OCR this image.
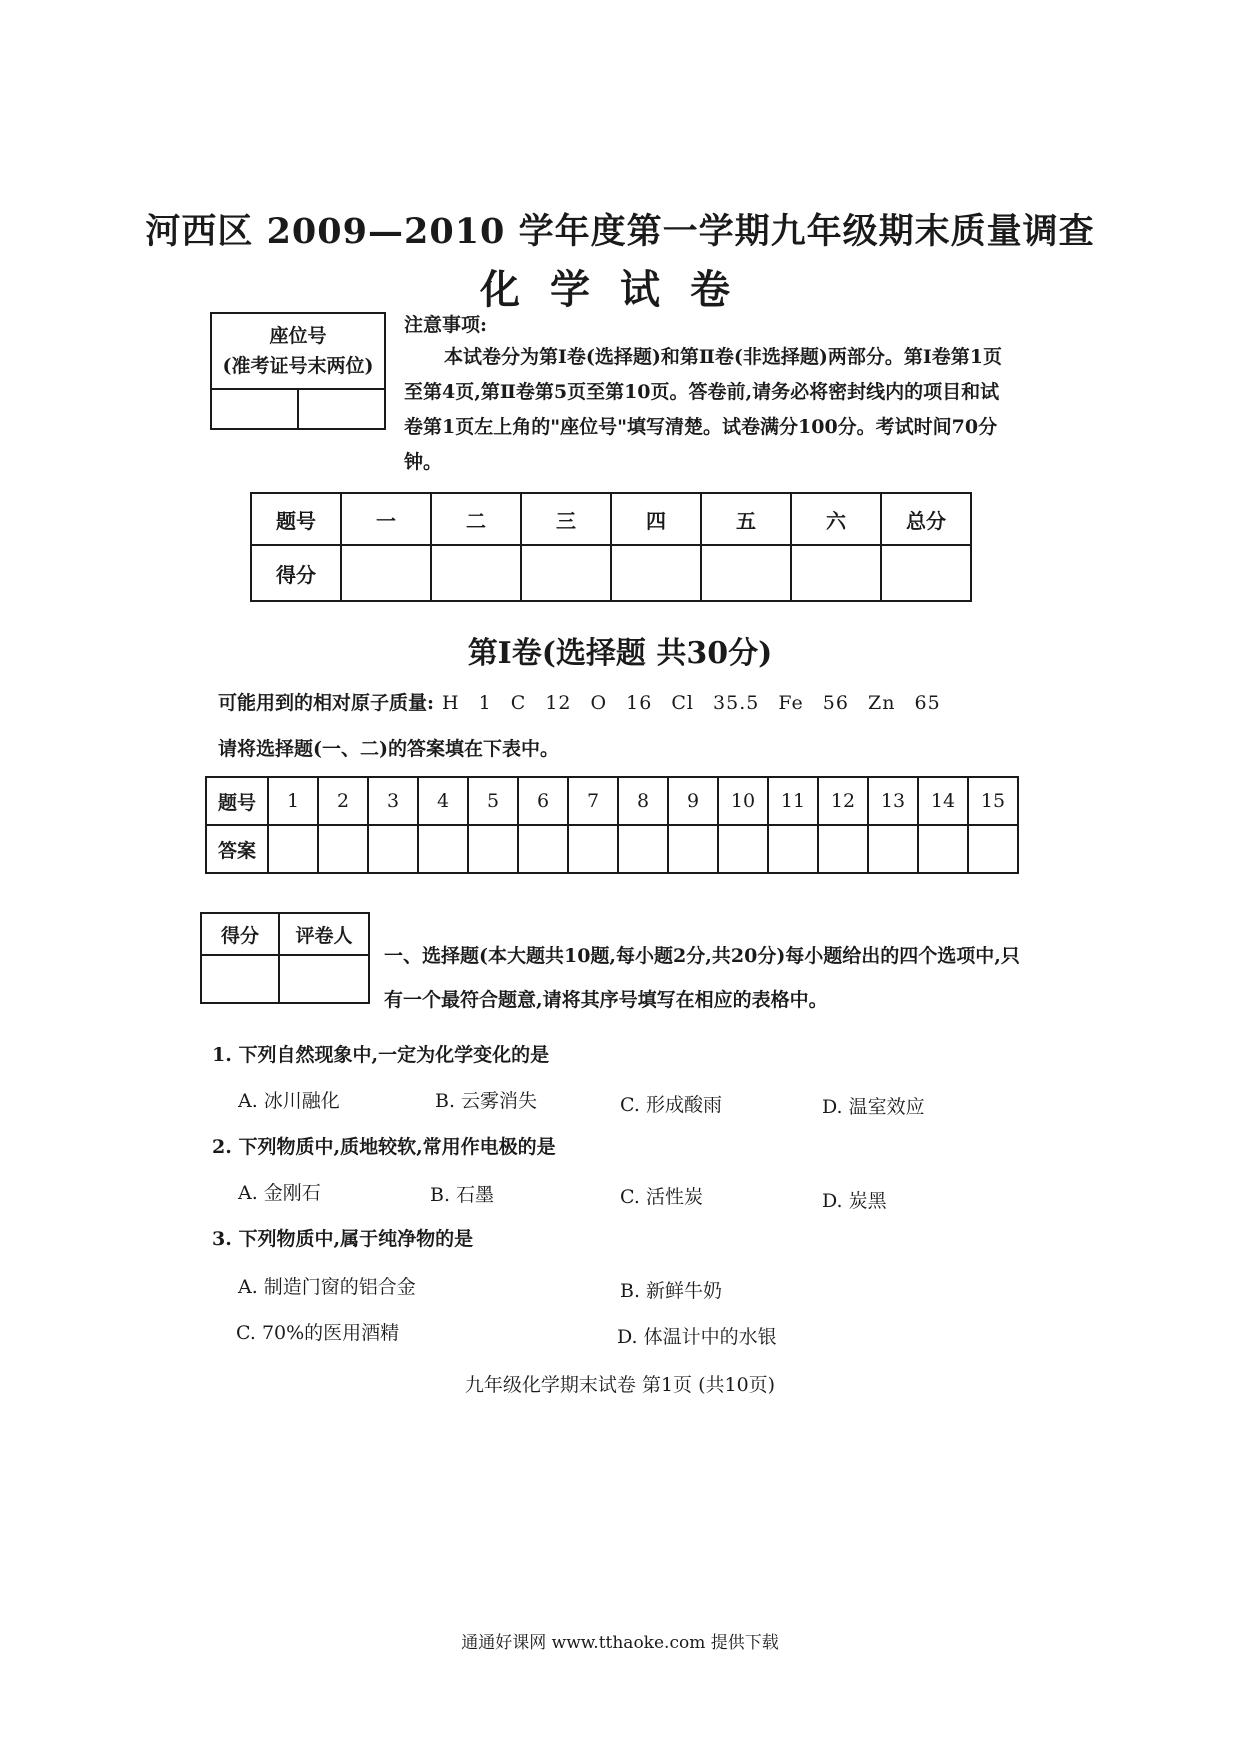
河西区 2009—2010 学年度第一学期九年级期末质量调查
化学试卷
座位号
(准考证号末两位)

注意事项:
本试卷分为第Ⅰ卷(选择题)和第Ⅱ卷(非选择题)两部分。第Ⅰ卷第1页至第4页,第Ⅱ卷第5页至第10页。答卷前,请务必将密封线内的项目和试卷第1页左上角的"座位号"填写清楚。试卷满分100分。考试时间70分钟。
题号	一	二	三	四	五	六	总分
得分							
第Ⅰ卷(选择题 共30分)
可能用到的相对原子质量: H 1 C 12 O 16 Cl 35.5 Fe 56 Zn 65
请将选择题(一、二)的答案填在下表中。
题号	1	2	3	4	5	6	7	8	9	10	11	12	13	14	15
答案															
得分	评卷人

一、选择题(本大题共10题,每小题2分,共20分)每小题给出的四个选项中,只有一个最符合题意,请将其序号填写在相应的表格中。
1. 下列自然现象中,一定为化学变化的是
A. 冰川融化	B. 云雾消失	C. 形成酸雨	D. 温室效应
2. 下列物质中,质地较软,常用作电极的是
A. 金刚石	B. 石墨	C. 活性炭	D. 炭黑
3. 下列物质中,属于纯净物的是
A. 制造门窗的铝合金	B. 新鲜牛奶
C. 70%的医用酒精	D. 体温计中的水银
九年级化学期末试卷 第1页 (共10页)
通通好课网 www.tthaoke.com 提供下载
